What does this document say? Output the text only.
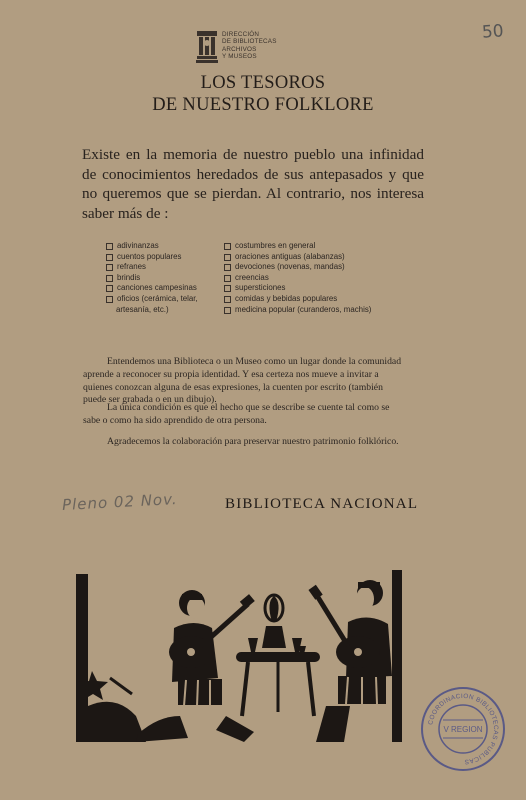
50
DIRECCIÓN
DE BIBLIOTECAS
ARCHIVOS
Y MUSEOS
LOS TESOROS
DE NUESTRO FOLKLORE
Existe en la memoria de nuestro pueblo una infinidad de conocimientos heredados de sus antepasados y que no queremos que se pierdan. Al contrario, nos interesa saber más de :
adivinanzas
cuentos populares
refranes
brindis
canciones campesinas
oficios (cerámica, telar,
artesanía, etc.)
costumbres en general
oraciones antiguas (alabanzas)
devociones (novenas, mandas)
creencias
supersticiones
comidas y bebidas populares
medicina popular (curanderos, machis)
Entendemos una Biblioteca o un Museo como un lugar donde la comunidad aprende a reconocer su propia identidad. Y esa certeza nos mueve a invitar a quienes conozcan alguna de esas expresiones, la cuenten por escrito (también puede ser grabada o en un dibujo).
La única condición es que el hecho que se describe se cuente tal como se sabe o como ha sido aprendido de otra persona.
Agradecemos la colaboración para preservar nuestro patrimonio folklórico.
Pleno 02 Nov.	BIBLIOTECA NACIONAL
COORDINACION BIBLIOTECAS PUBLICAS
V REGION
